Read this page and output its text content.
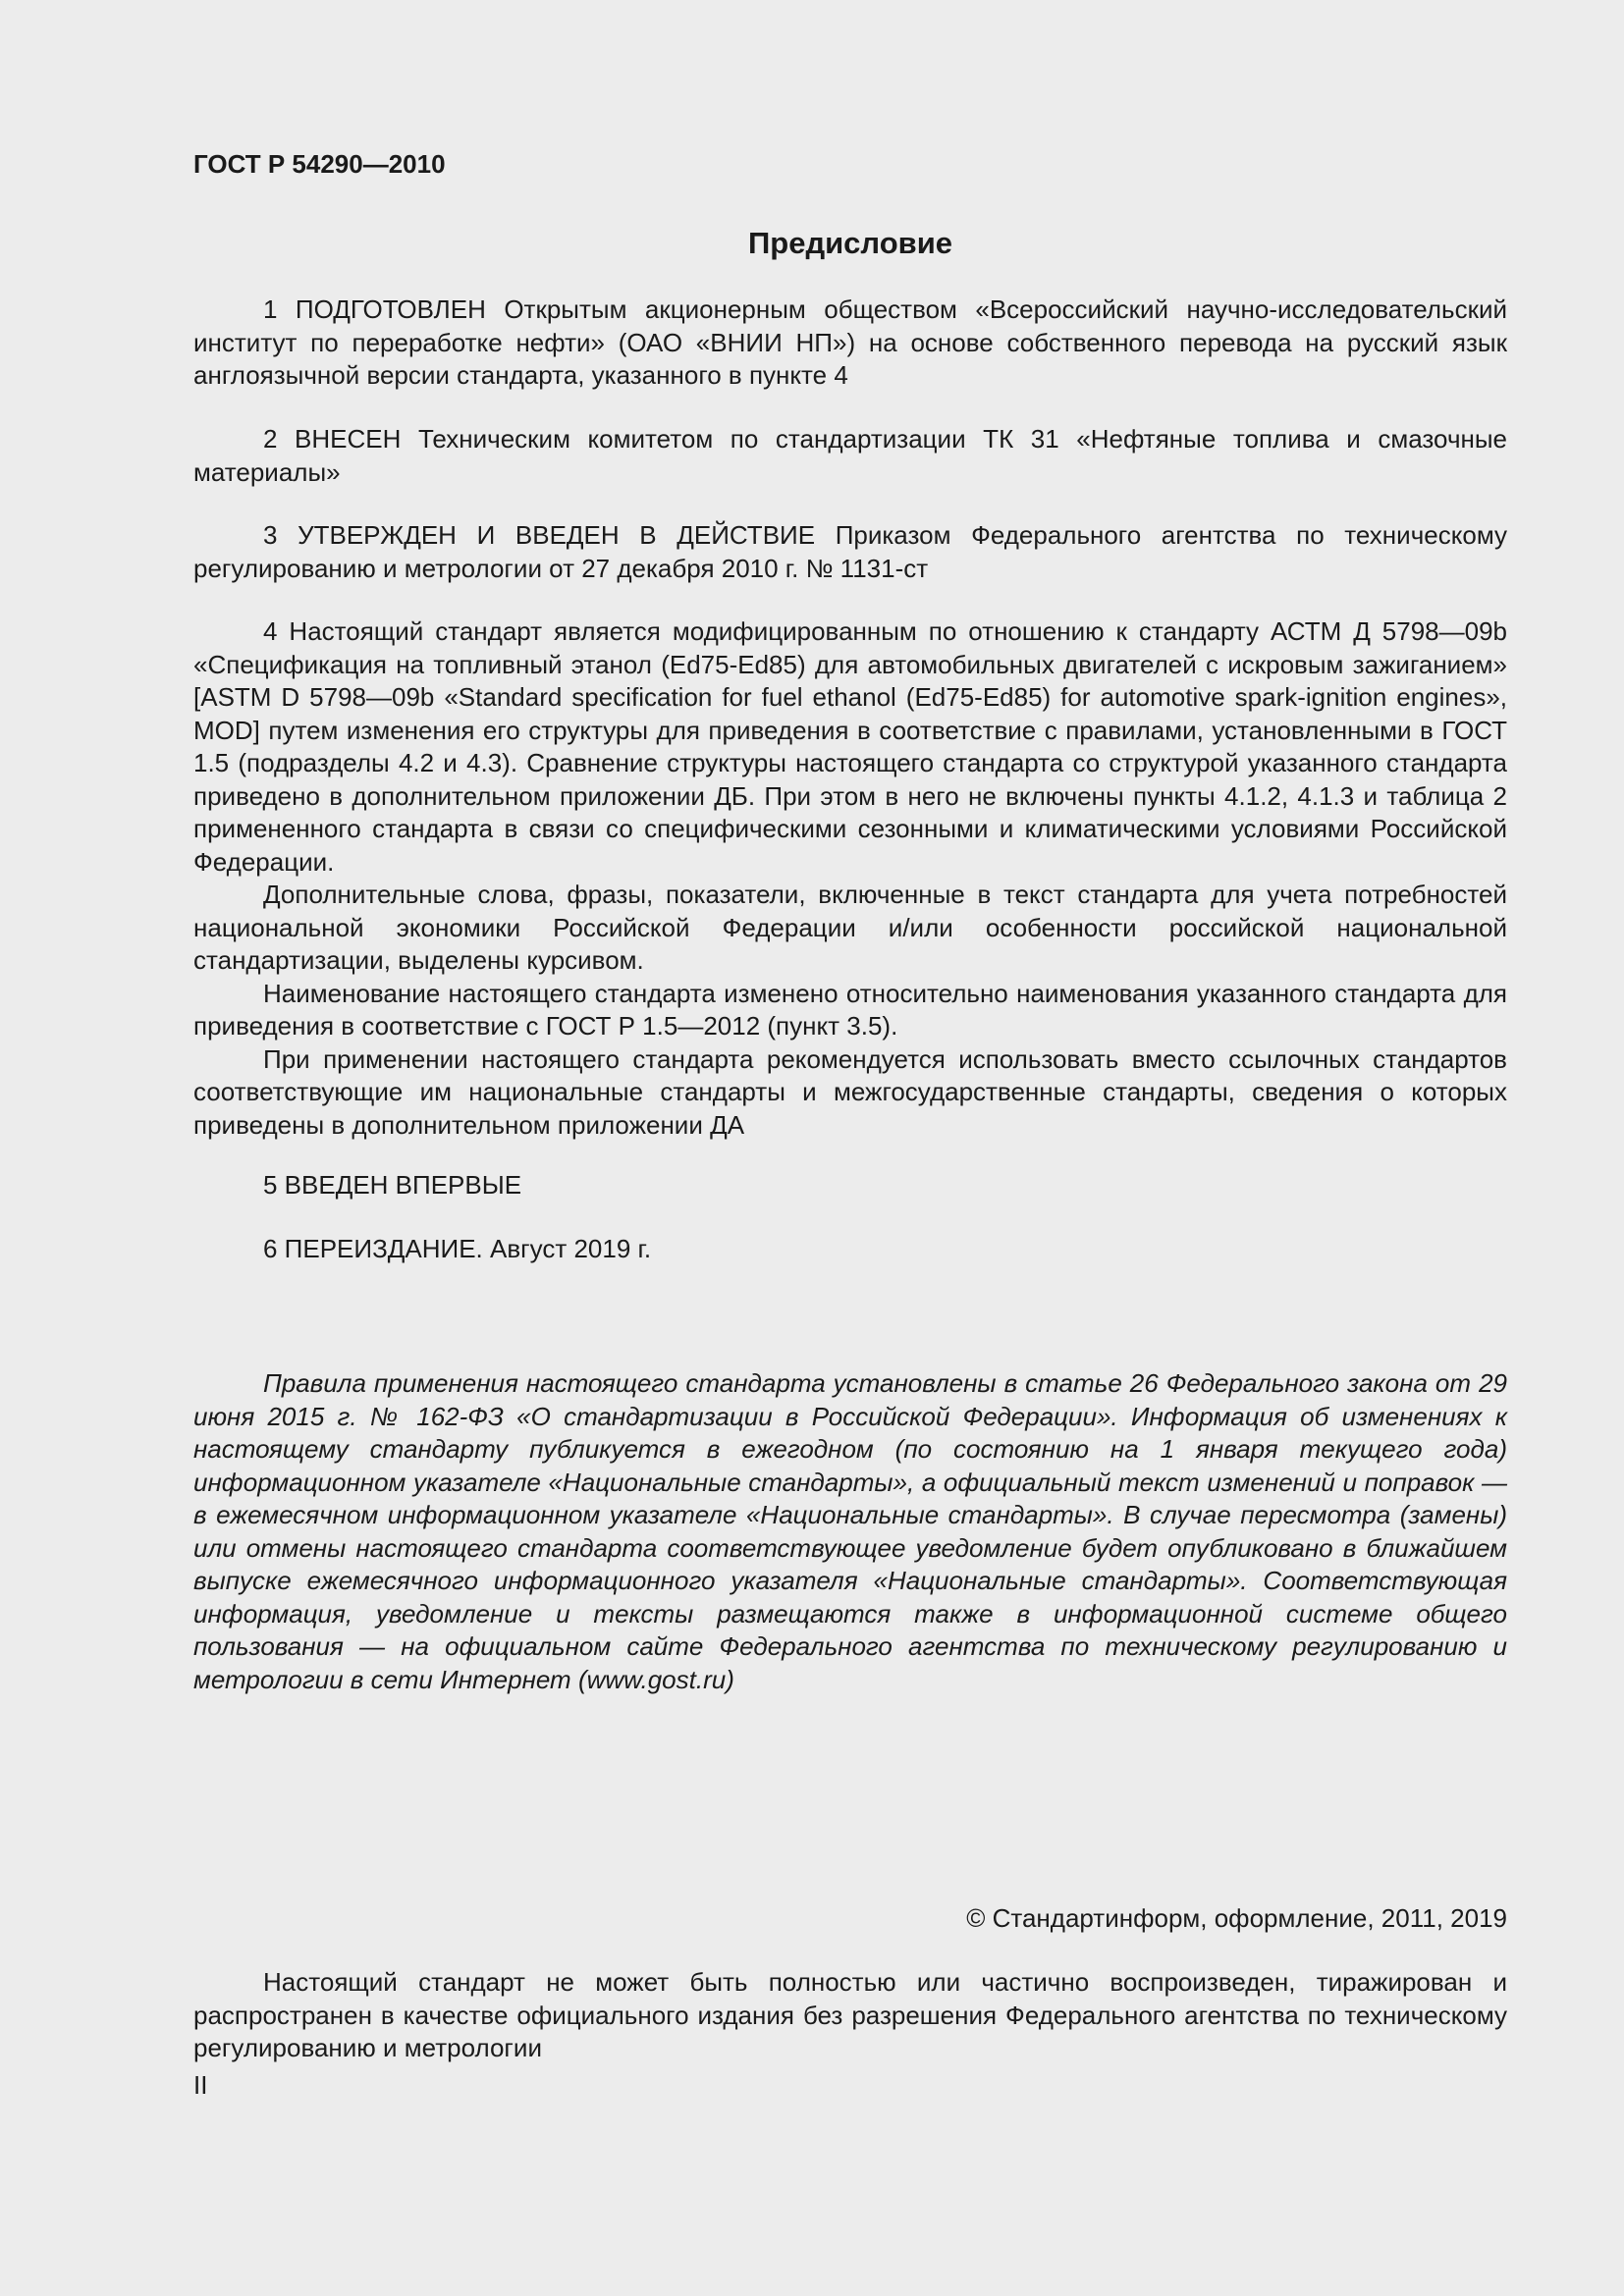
ГОСТ Р 54290—2010
Предисловие

1 ПОДГОТОВЛЕН Открытым акционерным обществом «Всероссийский научно-исследовательский институт по переработке нефти» (ОАО «ВНИИ НП») на основе собственного перевода на русский язык англоязычной версии стандарта, указанного в пункте 4

2 ВНЕСЕН Техническим комитетом по стандартизации ТК 31 «Нефтяные топлива и смазочные материалы»

3 УТВЕРЖДЕН И ВВЕДЕН В ДЕЙСТВИЕ Приказом Федерального агентства по техническому регулированию и метрологии от 27 декабря 2010 г. № 1131-ст

4 Настоящий стандарт является модифицированным по отношению к стандарту АСТМ Д 5798—09b «Спецификация на топливный этанол (Ed75-Ed85) для автомобильных двигателей с искровым зажиганием» [ASTM D 5798—09b «Standard specification for fuel ethanol (Ed75-Ed85) for automotive spark-ignition engines», MOD] путем изменения его структуры для приведения в соответствие с правилами, установленными в ГОСТ 1.5 (подразделы 4.2 и 4.3). Сравнение структуры настоящего стандарта со структурой указанного стандарта приведено в дополнительном приложении ДБ. При этом в него не включены пункты 4.1.2, 4.1.3 и таблица 2 примененного стандарта в связи со специфическими сезонными и климатическими условиями Российской Федерации.

Дополнительные слова, фразы, показатели, включенные в текст стандарта для учета потребностей национальной экономики Российской Федерации и/или особенности российской национальной стандартизации, выделены курсивом.

Наименование настоящего стандарта изменено относительно наименования указанного стандарта для приведения в соответствие с ГОСТ Р 1.5—2012 (пункт 3.5).

При применении настоящего стандарта рекомендуется использовать вместо ссылочных стандартов соответствующие им национальные стандарты и межгосударственные стандарты, сведения о которых приведены в дополнительном приложении ДА

5 ВВЕДЕН ВПЕРВЫЕ

6 ПЕРЕИЗДАНИЕ. Август 2019 г.

Правила применения настоящего стандарта установлены в статье 26 Федерального закона от 29 июня 2015 г. № 162-ФЗ «О стандартизации в Российской Федерации». Информация об изменениях к настоящему стандарту публикуется в ежегодном (по состоянию на 1 января текущего года) информационном указателе «Национальные стандарты», а официальный текст изменений и поправок — в ежемесячном информационном указателе «Национальные стандарты». В случае пересмотра (замены) или отмены настоящего стандарта соответствующее уведомление будет опубликовано в ближайшем выпуске ежемесячного информационного указателя «Национальные стандарты». Соответствующая информация, уведомление и тексты размещаются также в информационной системе общего пользования — на официальном сайте Федерального агентства по техническому регулированию и метрологии в сети Интернет (www.gost.ru)

© Стандартинформ, оформление, 2011, 2019

Настоящий стандарт не может быть полностью или частично воспроизведен, тиражирован и распространен в качестве официального издания без разрешения Федерального агентства по техническому регулированию и метрологии

II
